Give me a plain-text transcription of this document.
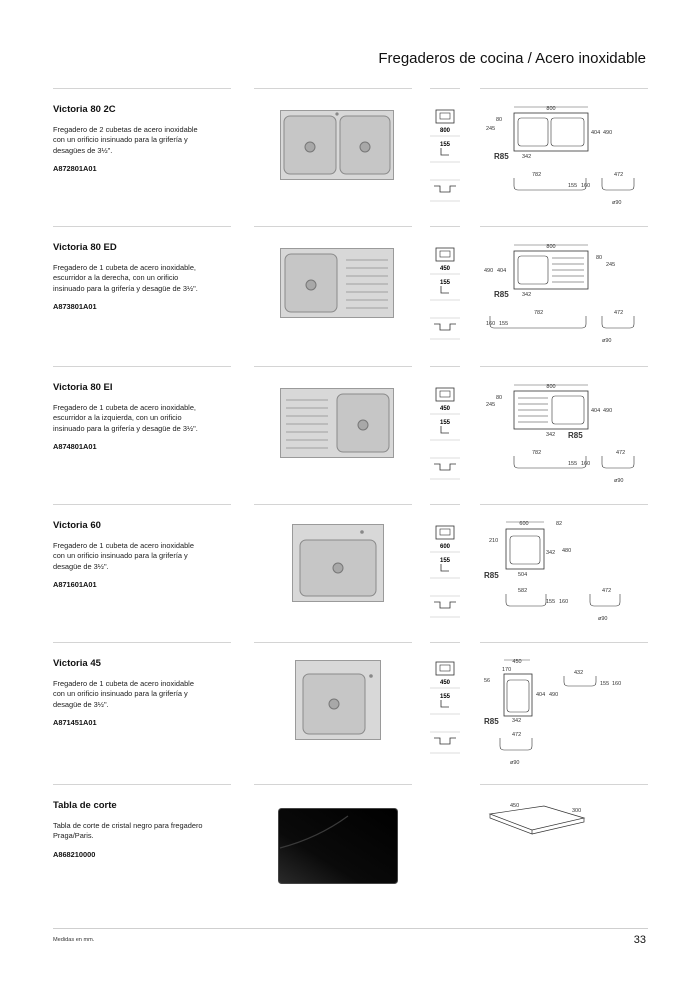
Fregaderos de cocina / Acero inoxidable
Victoria 80 2C
Fregadero de 2 cubetas de acero inoxidable
con un orificio insinuado para la grifería y
desagües de 3½".
A872801A01
800
155
800
80
245
404 490
R85 342
782
155 160
472
ø90
Victoria 80 ED
Fregadero de 1 cubeta de acero inoxidable,
escurridor a la derecha, con un orificio
insinuado para la grifería y desagüe de 3½".
A873801A01
450
155
800
490 404
80
245
R85 342
782
160 155
472
ø90
Victoria 80 EI
Fregadero de 1 cubeta de acero inoxidable,
escurridor a la izquierda, con un orificio
insinuado para la grifería y desagüe de 3½".
A874801A01
450
155
800
80
245
404 490
342 R85
782
155 160
472
ø90
Victoria 60
Fregadero de 1 cubeta de acero inoxidable
con un orificio insinuado para la grifería y
desagüe de 3½".
A871601A01
600
155
600	82
210
342 480
R85	504
582
155 160
472
ø90
Victoria 45
Fregadero de 1 cubeta de acero inoxidable
con un orificio insinuado para la grifería y
desagüe de 3½".
A871451A01
450
155
450
170
56
404 490
432
155 160
R85 342
472
ø90
Tabla de corte
Tabla de corte de cristal negro para fregadero
Praga/Paris.
A868210000
450
300
Medidas en mm.	33
